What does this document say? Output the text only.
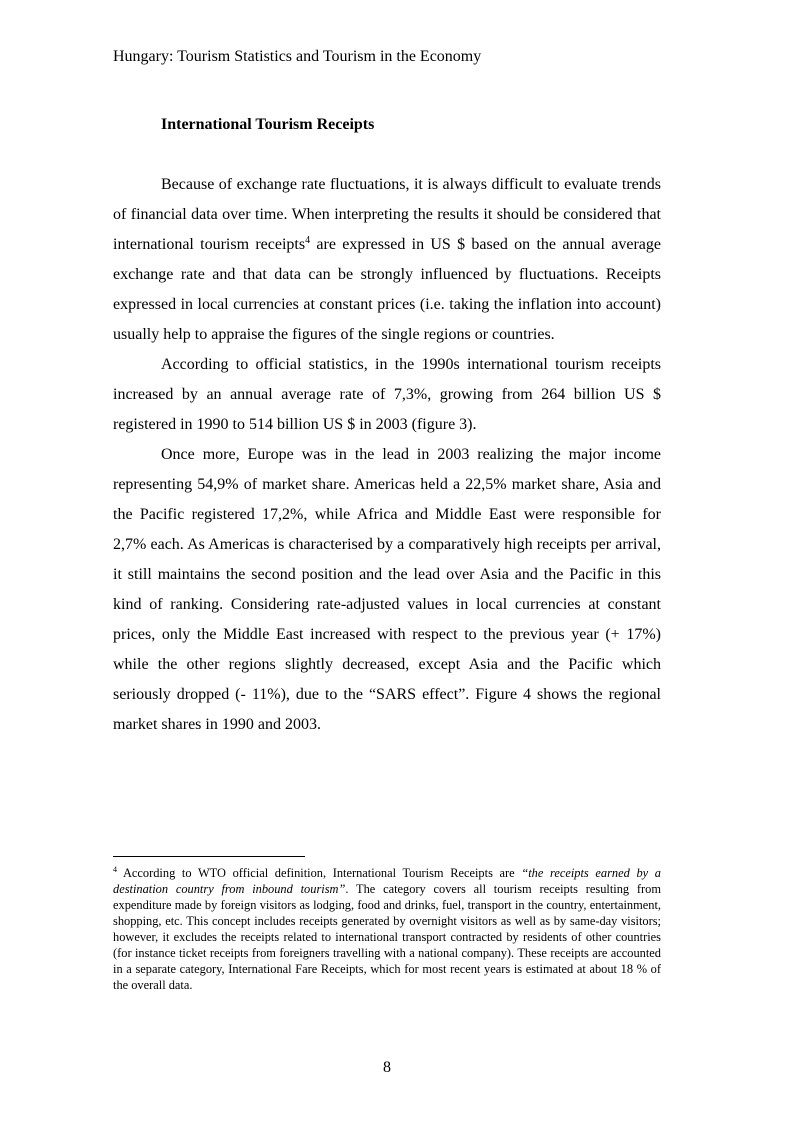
Hungary: Tourism Statistics and Tourism in the Economy
International Tourism Receipts

Because of exchange rate fluctuations, it is always difficult to evaluate trends of financial data over time. When interpreting the results it should be considered that international tourism receipts$^4$ are expressed in US $ based on the annual average exchange rate and that data can be strongly influenced by fluctuations. Receipts expressed in local currencies at constant prices (i.e. taking the inflation into account) usually help to appraise the figures of the single regions or countries.

According to official statistics, in the 1990s international tourism receipts increased by an annual average rate of 7,3%, growing from 264 billion US $ registered in 1990 to 514 billion US $ in 2003 (figure 3).

Once more, Europe was in the lead in 2003 realizing the major income representing 54,9% of market share. Americas held a 22,5% market share, Asia and the Pacific registered 17,2%, while Africa and Middle East were responsible for 2,7% each. As Americas is characterised by a comparatively high receipts per arrival, it still maintains the second position and the lead over Asia and the Pacific in this kind of ranking. Considering rate-adjusted values in local currencies at constant prices, only the Middle East increased with respect to the previous year (+ 17%) while the other regions slightly decreased, except Asia and the Pacific which seriously dropped (- 11%), due to the “SARS effect”. Figure 4 shows the regional market shares in 1990 and 2003.

$^4$ According to WTO official definition, International Tourism Receipts are “the receipts earned by a destination country from inbound tourism”. The category covers all tourism receipts resulting from expenditure made by foreign visitors as lodging, food and drinks, fuel, transport in the country, entertainment, shopping, etc. This concept includes receipts generated by overnight visitors as well as by same-day visitors; however, it excludes the receipts related to international transport contracted by residents of other countries (for instance ticket receipts from foreigners travelling with a national company). These receipts are accounted in a separate category, International Fare Receipts, which for most recent years is estimated at about 18 % of the overall data.
8
